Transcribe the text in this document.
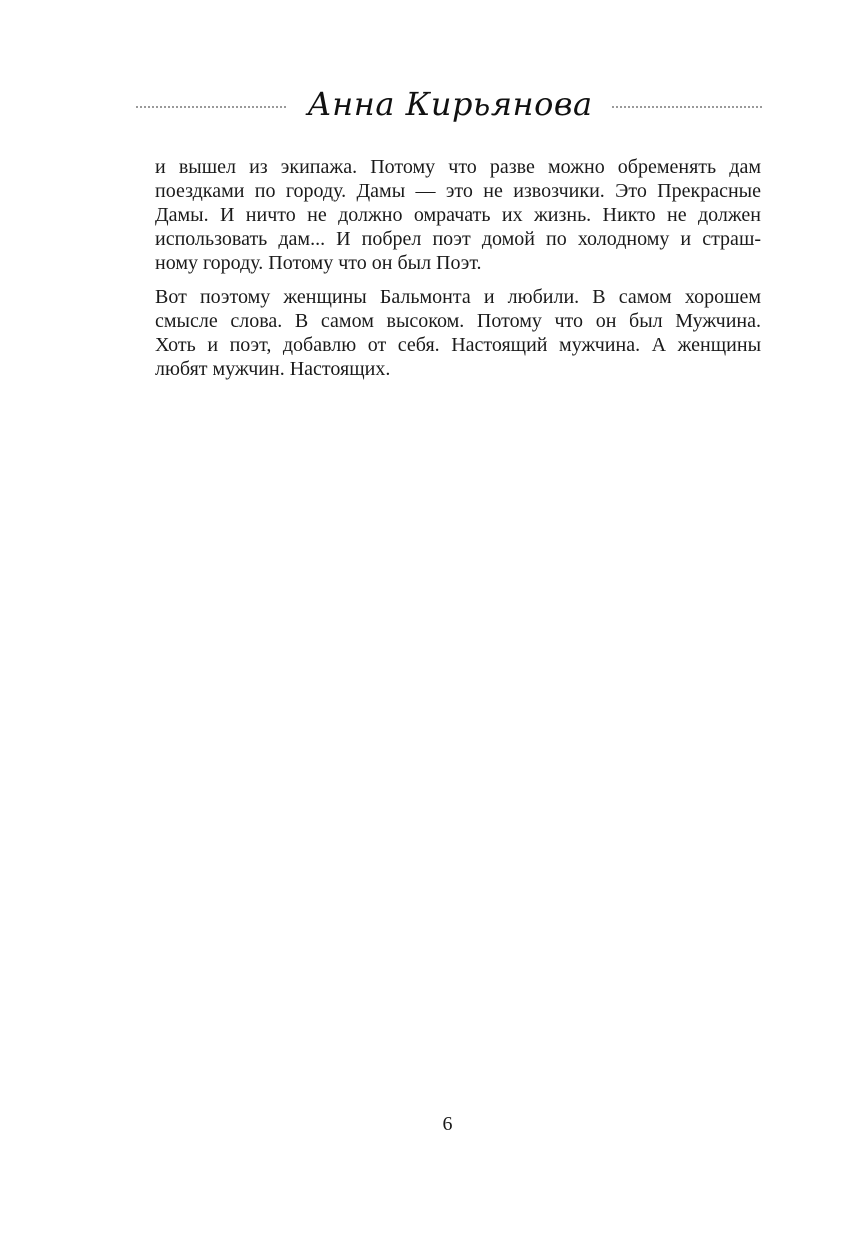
Анна Кирьянова

и вышел из экипажа. Потому что разве можно обременять дам
поездками по городу. Дамы — это не извозчики. Это Прекрасные
Дамы. И ничто не должно омрачать их жизнь. Никто не должен
использовать дам... И побрел поэт домой по холодному и страш-
ному городу. Потому что он был Поэт.

Вот поэтому женщины Бальмонта и любили. В самом хорошем
смысле слова. В самом высоком. Потому что он был Мужчина.
Хоть и поэт, добавлю от себя. Настоящий мужчина. А женщины
любят мужчин. Настоящих.

6
